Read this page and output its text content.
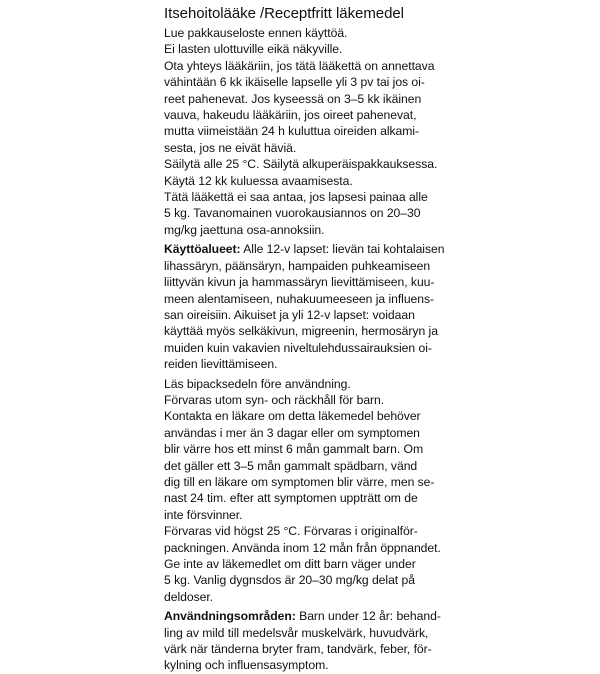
Itsehoitolääke /Receptfritt läkemedel
Lue pakkauseloste ennen käyttöä.
Ei lasten ulottuville eikä näkyville.
Ota yhteys lääkäriin, jos tätä lääkettä on annettava
vähintään 6 kk ikäiselle lapselle yli 3 pv tai jos oi-
reet pahenevat. Jos kyseessä on 3–5 kk ikäinen
vauva, hakeudu lääkäriin, jos oireet pahenevat,
mutta viimeistään 24 h kuluttua oireiden alkami-
sesta, jos ne eivät häviä.
Säilytä alle 25 °C. Säilytä alkuperäispakkauksessa.
Käytä 12 kk kuluessa avaamisesta.
Tätä lääkettä ei saa antaa, jos lapsesi painaa alle
5 kg. Tavanomainen vuorokausiannos on 20–30
mg/kg jaettuna osa-annoksiin.
Käyttöalueet: Alle 12-v lapset: lievän tai kohtalaisen
lihassäryn, päänsäryn, hampaiden puhkeamiseen
liittyvän kivun ja hammassäryn lievittämiseen, kuu-
meen alentamiseen, nuhakuumeeseen ja influens-
san oireisiin. Aikuiset ja yli 12-v lapset: voidaan
käyttää myös selkäkivun, migreenin, hermosäryn ja
muiden kuin vakavien niveltulehdussairauksien oi-
reiden lievittämiseen.
Läs bipacksedeln före användning.
Förvaras utom syn- och räckhåll för barn.
Kontakta en läkare om detta läkemedel behöver
användas i mer än 3 dagar eller om symptomen
blir värre hos ett minst 6 mån gammalt barn. Om
det gäller ett 3–5 mån gammalt spädbarn, vänd
dig till en läkare om symptomen blir värre, men se-
nast 24 tim. efter att symptomen uppträtt om de
inte försvinner.
Förvaras vid högst 25 °C. Förvaras i originalför-
packningen. Använda inom 12 mån från öppnandet.
Ge inte av läkemedlet om ditt barn väger under
5 kg. Vanlig dygnsdos är 20–30 mg/kg delat på
deldoser.
Användningsområden: Barn under 12 år: behand-
ling av mild till medelsvår muskelvärk, huvudvärk,
värk när tänderna bryter fram, tandvärk, feber, för-
kylning och influensasymptom.
